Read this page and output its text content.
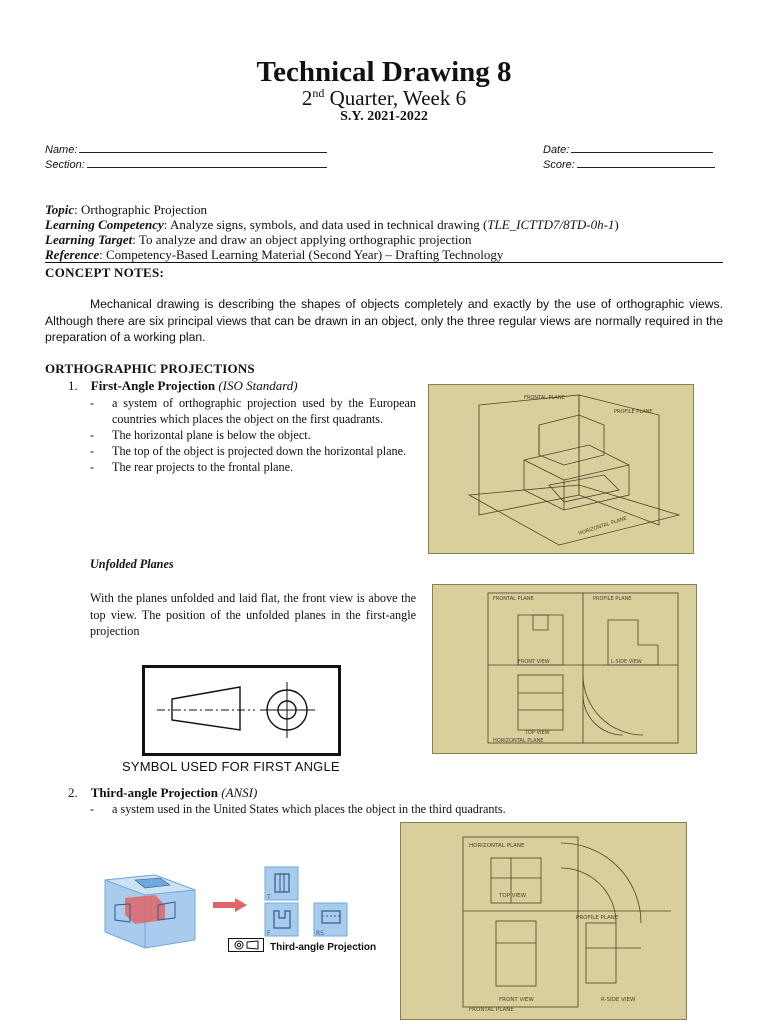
Technical Drawing 8
2nd Quarter, Week 6
S.Y. 2021-2022
Name:
Section:
Date:
Score:
Topic: Orthographic Projection
Learning Competency: Analyze signs, symbols, and data used in technical drawing (TLE_ICTTD7/8TD-0h-1)
Learning Target: To analyze and draw an object applying orthographic projection
Reference: Competency-Based Learning Material (Second Year) – Drafting Technology
CONCEPT NOTES:
Mechanical drawing is describing the shapes of objects completely and exactly by the use of orthographic views. Although there are six principal views that can be drawn in an object, only the three regular views are normally required in the preparation of a working plan.
ORTHOGRAPHIC PROJECTIONS
1. First-Angle Projection (ISO Standard)
-	a system of orthographic projection used by the European countries which places the object on the first quadrants.
-	The horizontal plane is below the object.
-	The top of the object is projected down the horizontal plane.
-	The rear projects to the frontal plane.
FRONTAL PLANE
PROFILE PLANE
HORIZONTAL PLANE
Unfolded Planes
With the planes unfolded and laid flat, the front view is above the top view. The position of the unfolded planes in the first-angle projection
FRONTAL PLANE	PROFILE PLANE
FRONT VIEW	L-SIDE VIEW
TOP VIEW
HORIZONTAL PLANE
SYMBOL USED FOR FIRST ANGLE
2. Third-angle Projection (ANSI)
- a system used in the United States which places the object in the third quadrants.
T
F	RS
Third-angle Projection
HORIZONTAL PLANE
TOP VIEW
PROFILE PLANE
FRONT VIEW	R-SIDE VIEW
FRONTAL PLANE
